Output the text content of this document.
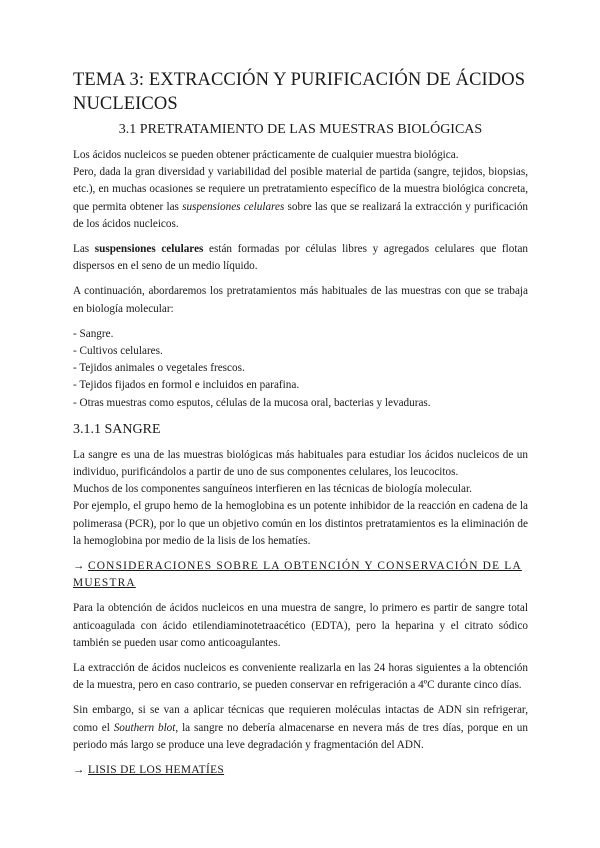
TEMA 3: EXTRACCIÓN Y PURIFICACIÓN DE ÁCIDOS NUCLEICOS
3.1 PRETRATAMIENTO DE LAS MUESTRAS BIOLÓGICAS

Los ácidos nucleicos se pueden obtener prácticamente de cualquier muestra biológica.

Pero, dada la gran diversidad y variabilidad del posible material de partida (sangre, tejidos, biopsias, etc.), en muchas ocasiones se requiere un pretratamiento específico de la muestra biológica concreta, que permita obtener las suspensiones celulares sobre las que se realizará la extracción y purificación de los ácidos nucleicos.

Las suspensiones celulares están formadas por células libres y agregados celulares que flotan dispersos en el seno de un medio líquido.

A continuación, abordaremos los pretratamientos más habituales de las muestras con que se trabaja en biología molecular:

- Sangre.
- Cultivos celulares.
- Tejidos animales o vegetales frescos.
- Tejidos fijados en formol e incluidos en parafina.
- Otras muestras como esputos, células de la mucosa oral, bacterias y levaduras.
3.1.1 SANGRE

La sangre es una de las muestras biológicas más habituales para estudiar los ácidos nucleicos de un individuo, purificándolos a partir de uno de sus componentes celulares, los leucocitos.
Muchos de los componentes sanguíneos interfieren en las técnicas de biología molecular.
Por ejemplo, el grupo hemo de la hemoglobina es un potente inhibidor de la reacción en cadena de la polimerasa (PCR), por lo que un objetivo común en los distintos pretratamientos es la eliminación de la hemoglobina por medio de la lisis de los hematíes.

→ CONSIDERACIONES SOBRE LA OBTENCIÓN Y CONSERVACIÓN DE LA MUESTRA

Para la obtención de ácidos nucleicos en una muestra de sangre, lo primero es partir de sangre total anticoagulada con ácido etilendiaminotetraacético (EDTA), pero la heparina y el citrato sódico también se pueden usar como anticoagulantes.

La extracción de ácidos nucleicos es conveniente realizarla en las 24 horas siguientes a la obtención de la muestra, pero en caso contrario, se pueden conservar en refrigeración a 4ºC durante cinco días.

Sin embargo, si se van a aplicar técnicas que requieren moléculas intactas de ADN sin refrigerar, como el Southern blot, la sangre no debería almacenarse en nevera más de tres días, porque en un periodo más largo se produce una leve degradación y fragmentación del ADN.

→ LISIS DE LOS HEMATÍES
